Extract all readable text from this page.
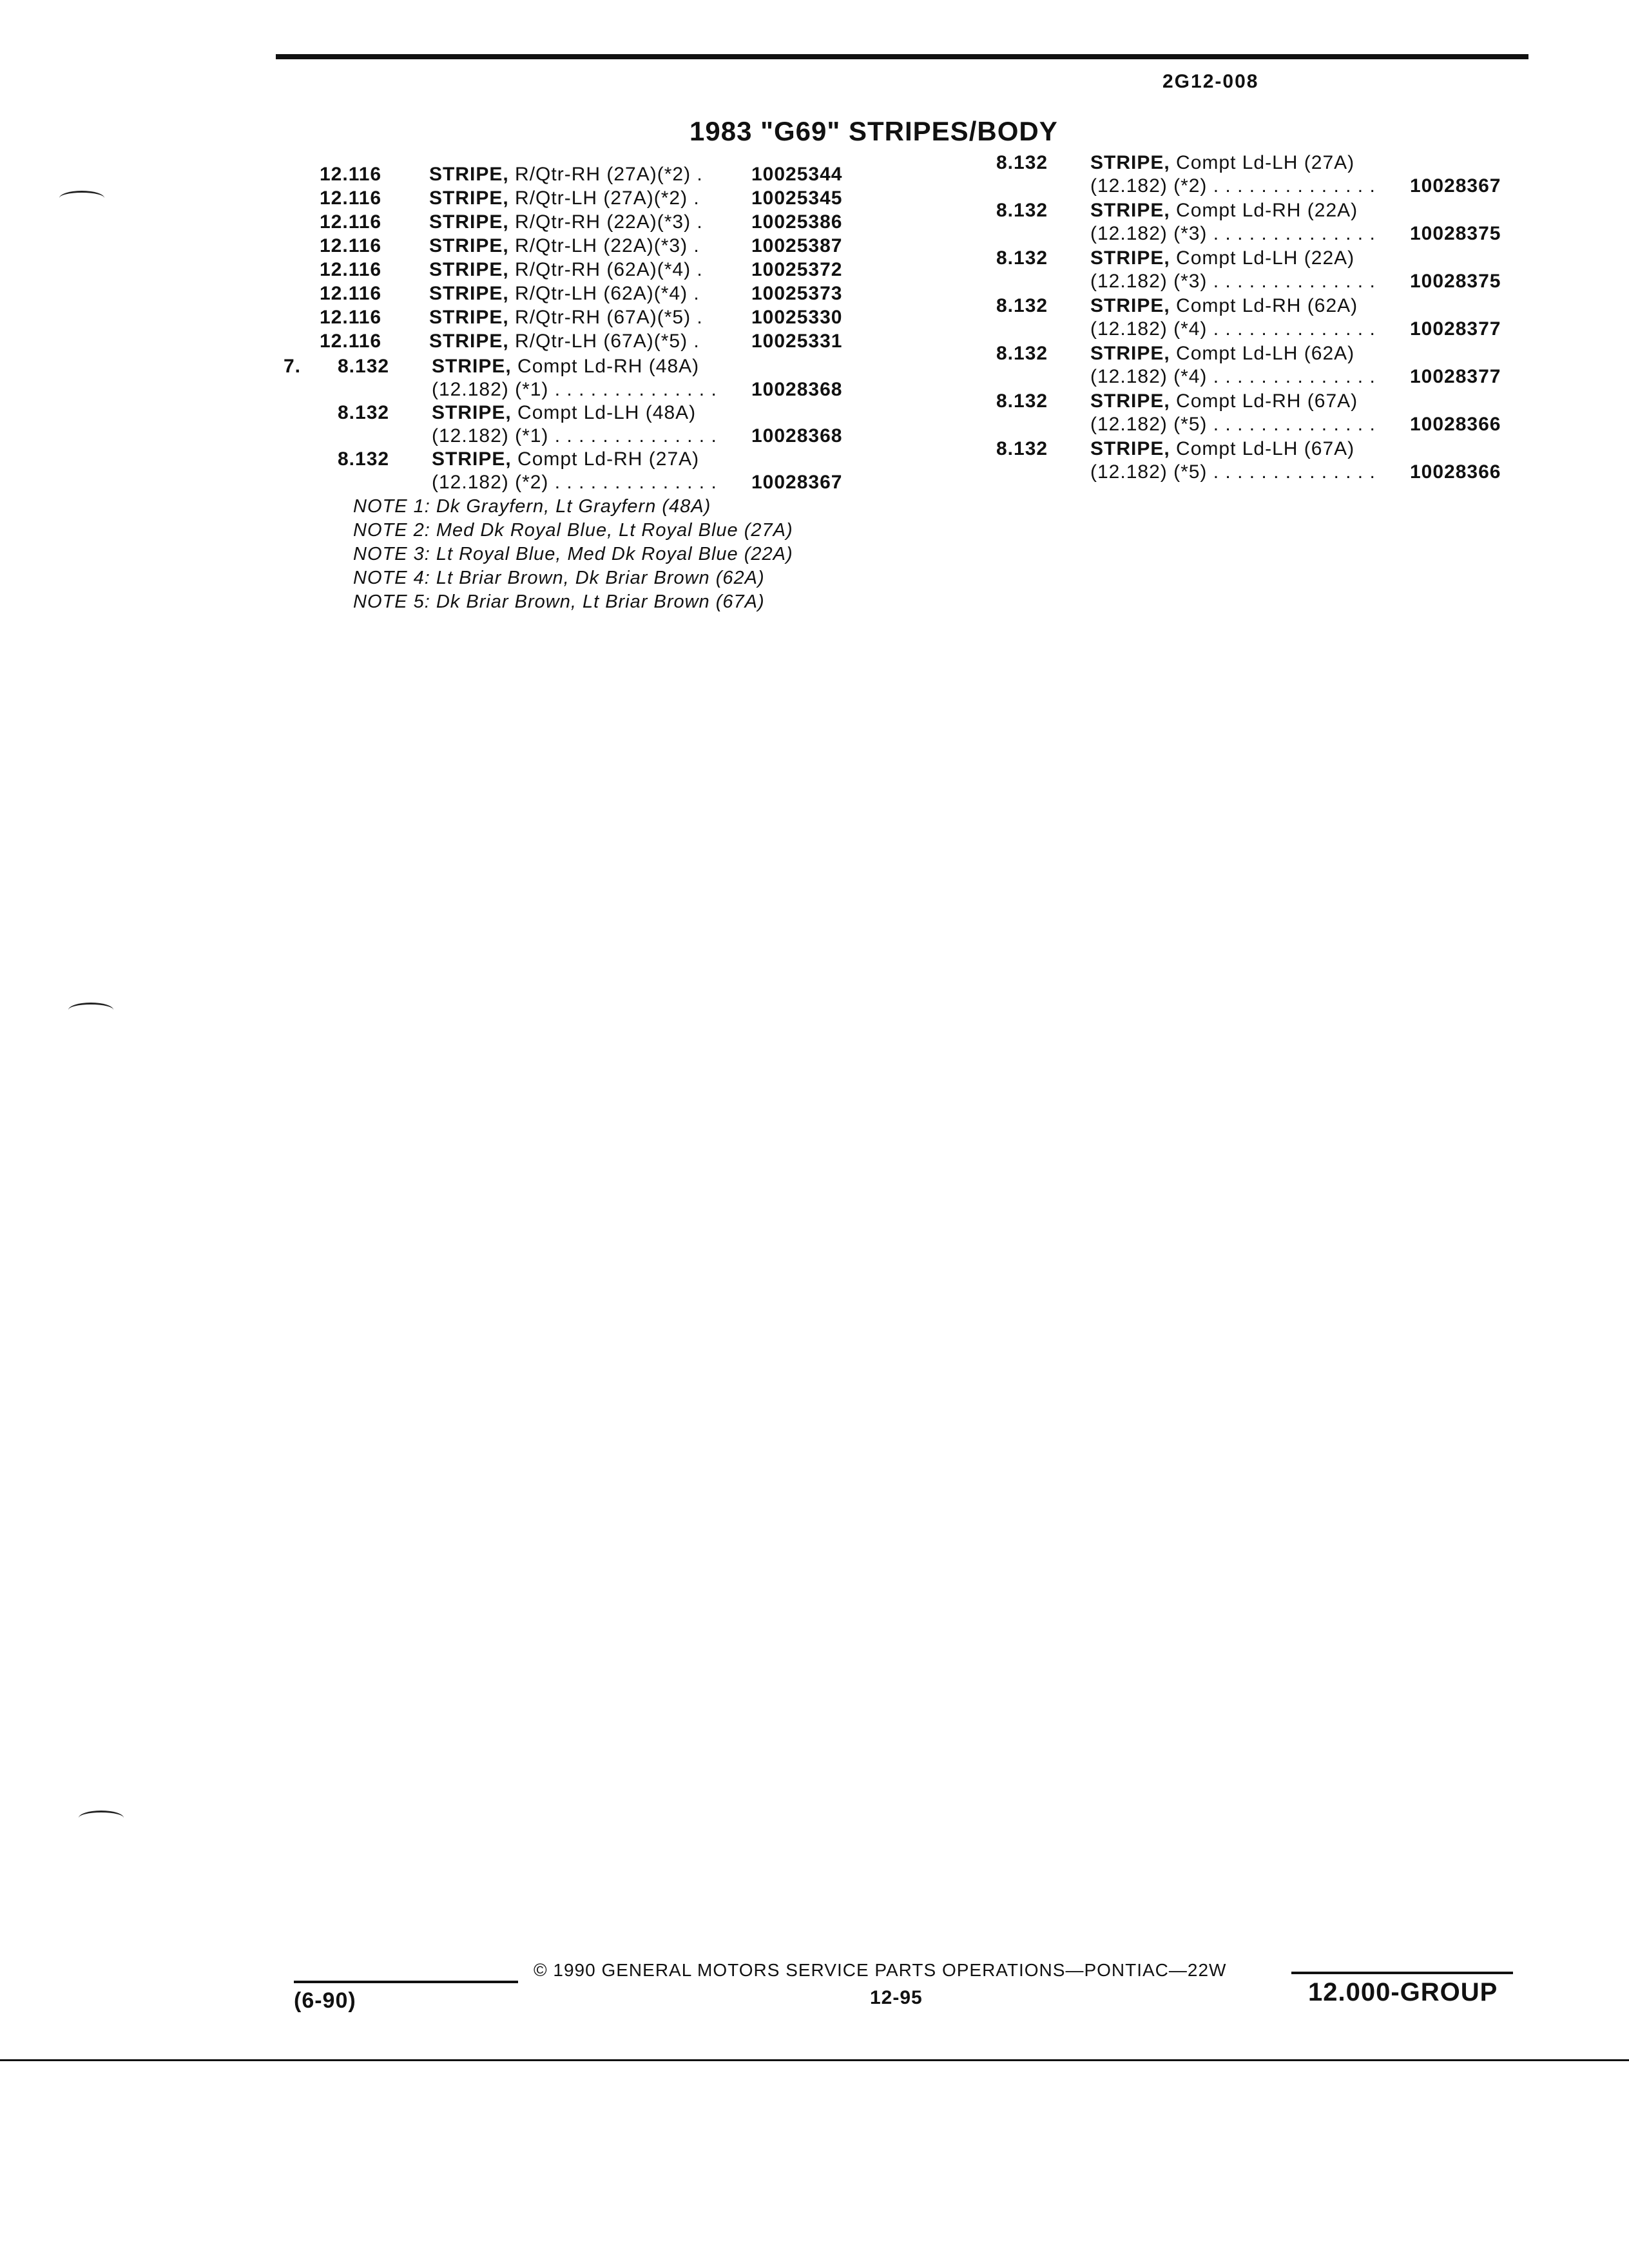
2G12-008
1983 "G69" STRIPES/BODY
12.116 STRIPE, R/Qtr-RH (27A)(*2) .	10025344
12.116 STRIPE, R/Qtr-LH (27A)(*2) .	10025345
12.116 STRIPE, R/Qtr-RH (22A)(*3) .	10025386
12.116 STRIPE, R/Qtr-LH (22A)(*3) .	10025387
12.116 STRIPE, R/Qtr-RH (62A)(*4) .	10025372
12.116 STRIPE, R/Qtr-LH (62A)(*4) .	10025373
12.116 STRIPE, R/Qtr-RH (67A)(*5) .	10025330
12.116 STRIPE, R/Qtr-LH (67A)(*5) .	10025331
7. 8.132 STRIPE, Compt Ld-RH (48A)
(12.182) (*1) . . . . . . . . . . . . . . 10028368
8.132 STRIPE, Compt Ld-LH (48A)
(12.182) (*1) . . . . . . . . . . . . . . 10028368
8.132 STRIPE, Compt Ld-RH (27A)
(12.182) (*2) . . . . . . . . . . . . . . 10028367
NOTE 1: Dk Grayfern, Lt Grayfern (48A)
NOTE 2: Med Dk Royal Blue, Lt Royal Blue (27A)
NOTE 3: Lt Royal Blue, Med Dk Royal Blue (22A)
NOTE 4: Lt Briar Brown, Dk Briar Brown (62A)
NOTE 5: Dk Briar Brown, Lt Briar Brown (67A)
8.132 STRIPE, Compt Ld-LH (27A)
(12.182) (*2) . . . . . . . . . . . . . . 10028367
8.132 STRIPE, Compt Ld-RH (22A)
(12.182) (*3) . . . . . . . . . . . . . . 10028375
8.132 STRIPE, Compt Ld-LH (22A)
(12.182) (*3) . . . . . . . . . . . . . . 10028375
8.132 STRIPE, Compt Ld-RH (62A)
(12.182) (*4) . . . . . . . . . . . . . . 10028377
8.132 STRIPE, Compt Ld-LH (62A)
(12.182) (*4) . . . . . . . . . . . . . . 10028377
8.132 STRIPE, Compt Ld-RH (67A)
(12.182) (*5) . . . . . . . . . . . . . . 10028366
8.132 STRIPE, Compt Ld-LH (67A)
(12.182) (*5) . . . . . . . . . . . . . . 10028366
© 1990 GENERAL MOTORS SERVICE PARTS OPERATIONS—PONTIAC—22W
(6-90)	12-95	12.000-GROUP
